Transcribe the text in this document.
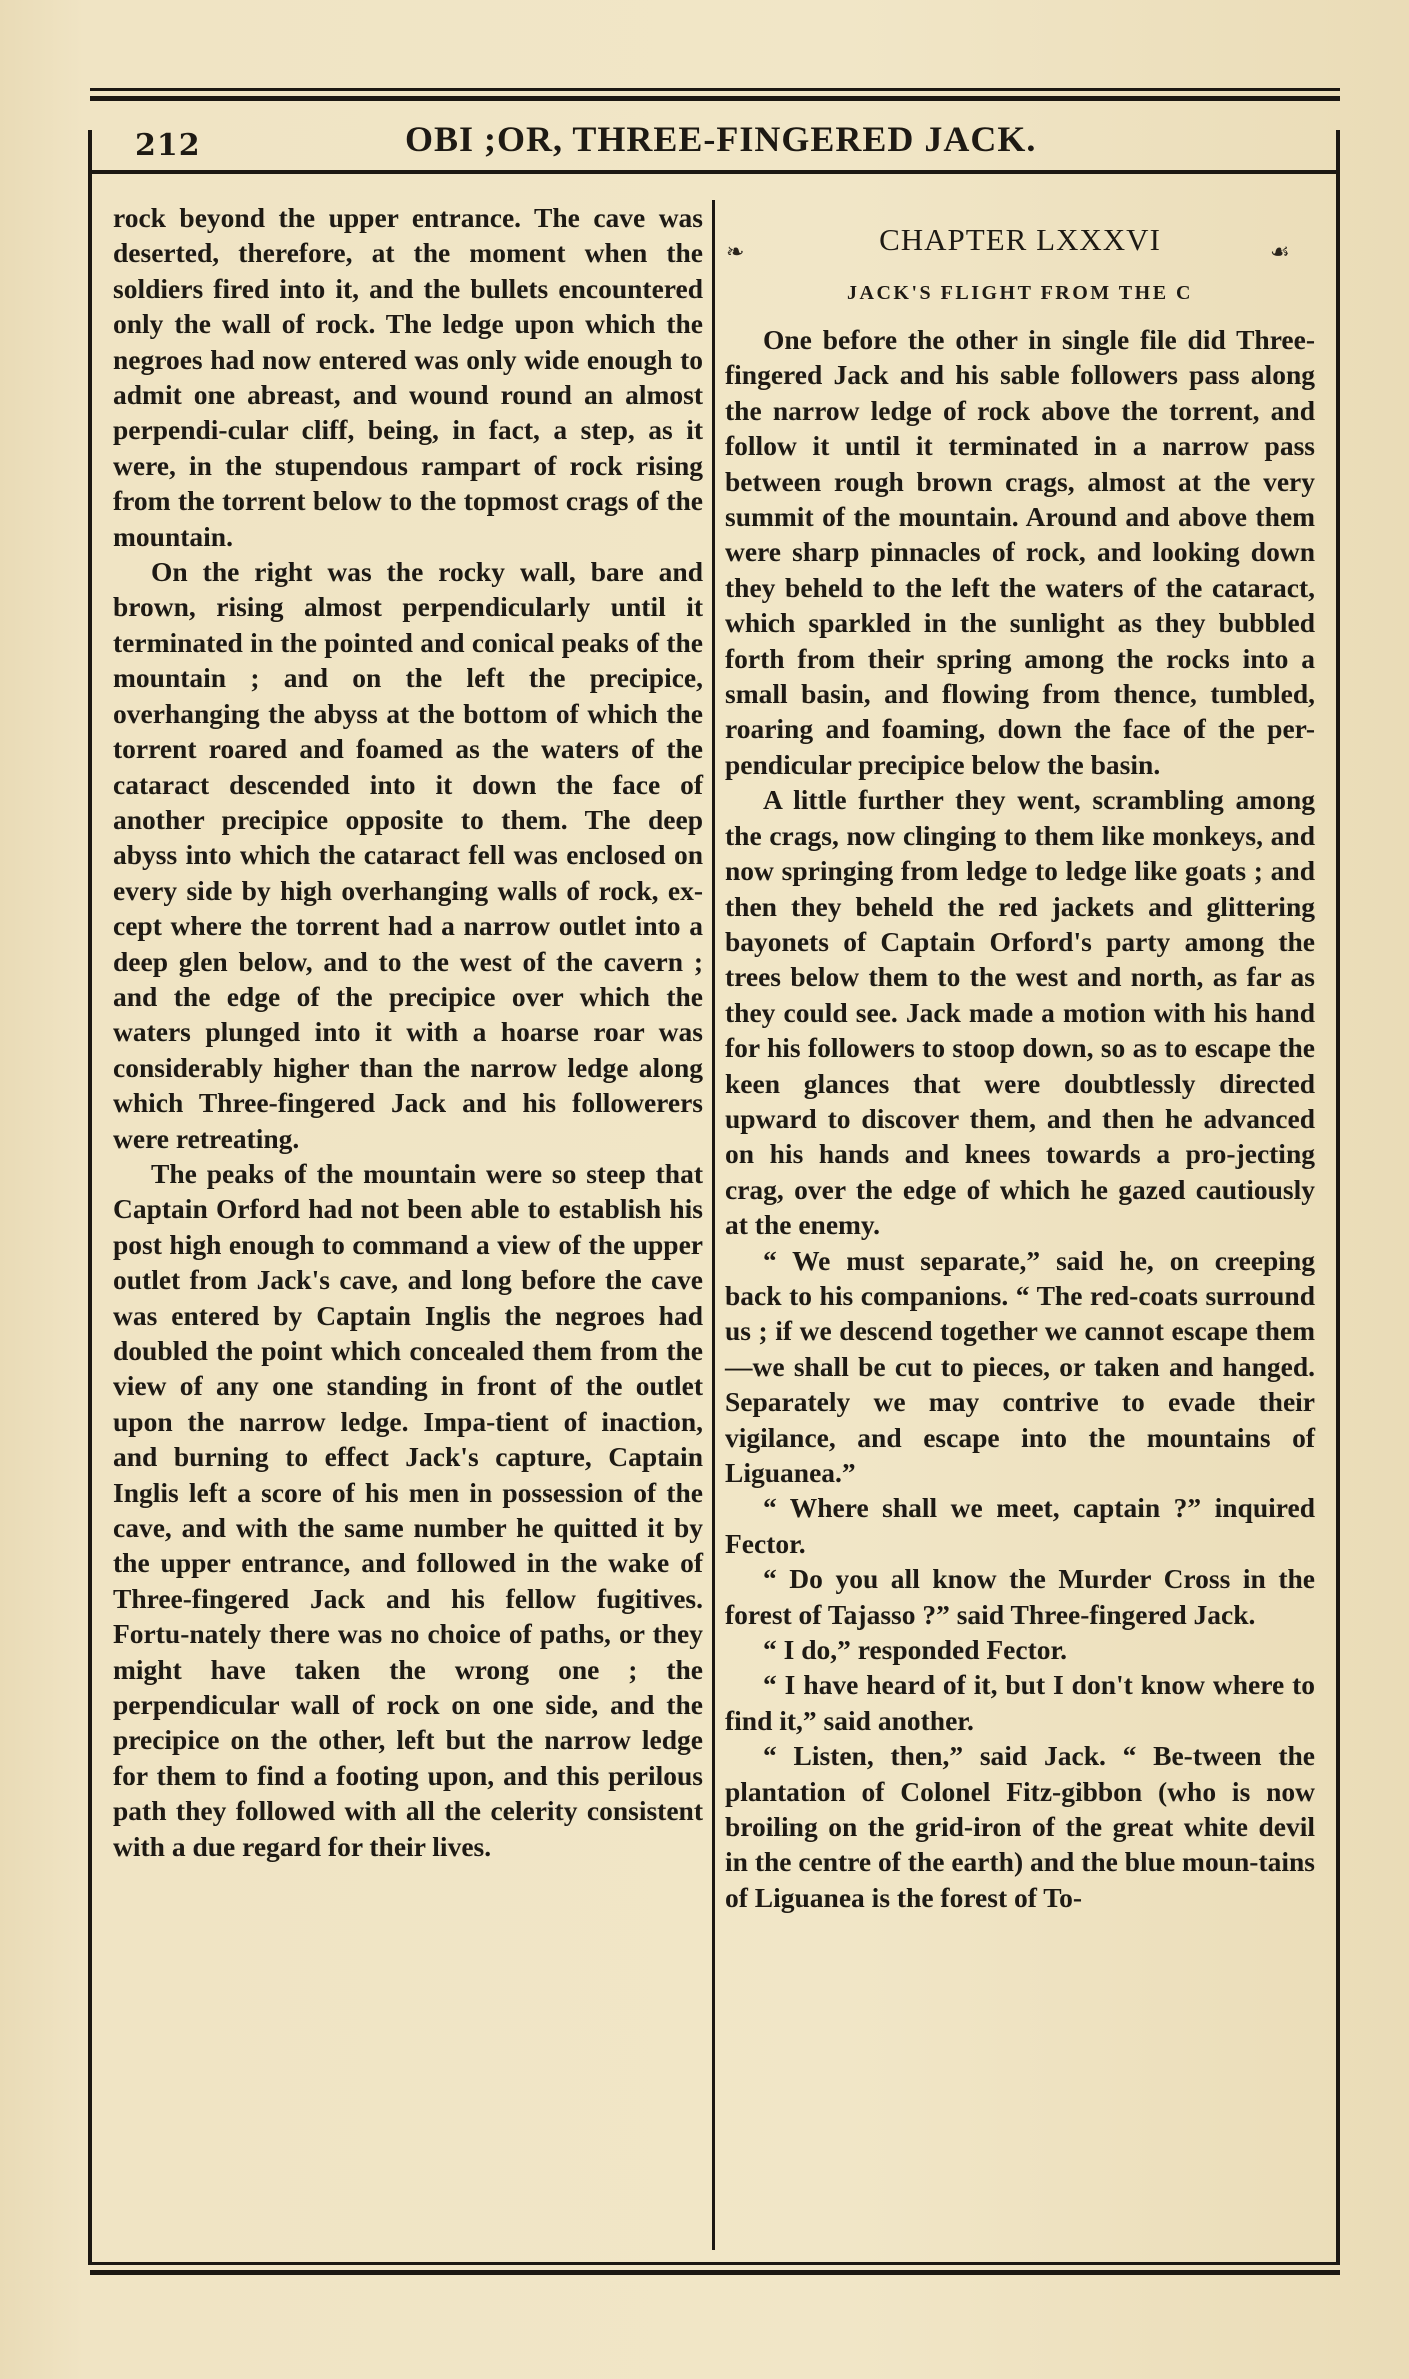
212	OBI ;OR, THREE-FINGERED JACK.
❧	☙

rock beyond the upper entrance. The cave was deserted, therefore, at the moment when the soldiers fired into it, and the bullets encountered only the wall of rock. The ledge upon which the negroes had now entered was only wide enough to admit one abreast, and wound round an almost perpendi-cular cliff, being, in fact, a step, as it were, in the stupendous rampart of rock rising from the torrent below to the topmost crags of the mountain.

On the right was the rocky wall, bare and brown, rising almost perpendicularly until it terminated in the pointed and conical peaks of the mountain ; and on the left the precipice, overhanging the abyss at the bottom of which the torrent roared and foamed as the waters of the cataract descended into it down the face of another precipice opposite to them. The deep abyss into which the cataract fell was enclosed on every side by high overhanging walls of rock, ex-cept where the torrent had a narrow outlet into a deep glen below, and to the west of the cavern ; and the edge of the precipice over which the waters plunged into it with a hoarse roar was considerably higher than the narrow ledge along which Three-fingered Jack and his followerers were retreating.

The peaks of the mountain were so steep that Captain Orford had not been able to establish his post high enough to command a view of the upper outlet from Jack's cave, and long before the cave was entered by Captain Inglis the negroes had doubled the point which concealed them from the view of any one standing in front of the outlet upon the narrow ledge. Impa-tient of inaction, and burning to effect Jack's capture, Captain Inglis left a score of his men in possession of the cave, and with the same number he quitted it by the upper entrance, and followed in the wake of Three-fingered Jack and his fellow fugitives. Fortu-nately there was no choice of paths, or they might have taken the wrong one ; the perpendicular wall of rock on one side, and the precipice on the other, left but the narrow ledge for them to find a footing upon, and this perilous path they followed with all the celerity consistent with a due regard for their lives.

CHAPTER LXXXVI
JACK'S FLIGHT FROM THE C

One before the other in single file did Three-fingered Jack and his sable followers pass along the narrow ledge of rock above the torrent, and follow it until it terminated in a narrow pass between rough brown crags, almost at the very summit of the mountain. Around and above them were sharp pinnacles of rock, and looking down they beheld to the left the waters of the cataract, which sparkled in the sunlight as they bubbled forth from their spring among the rocks into a small basin, and flowing from thence, tumbled, roaring and foaming, down the face of the per-pendicular precipice below the basin.

A little further they went, scrambling among the crags, now clinging to them like monkeys, and now springing from ledge to ledge like goats ; and then they beheld the red jackets and glittering bayonets of Captain Orford's party among the trees below them to the west and north, as far as they could see. Jack made a motion with his hand for his followers to stoop down, so as to escape the keen glances that were doubtlessly directed upward to discover them, and then he advanced on his hands and knees towards a pro-jecting crag, over the edge of which he gazed cautiously at the enemy.

“ We must separate,” said he, on creeping back to his companions. “ The red-coats surround us ; if we descend together we cannot escape them—we shall be cut to pieces, or taken and hanged. Separately we may contrive to evade their vigilance, and escape into the mountains of Liguanea.”

“ Where shall we meet, captain ?” inquired Fector.

“ Do you all know the Murder Cross in the forest of Tajasso ?” said Three-fingered Jack.

“ I do,” responded Fector.

“ I have heard of it, but I don't know where to find it,” said another.

“ Listen, then,” said Jack. “ Be-tween the plantation of Colonel Fitz-gibbon (who is now broiling on the grid-iron of the great white devil in the centre of the earth) and the blue moun-tains of Liguanea is the forest of To-
